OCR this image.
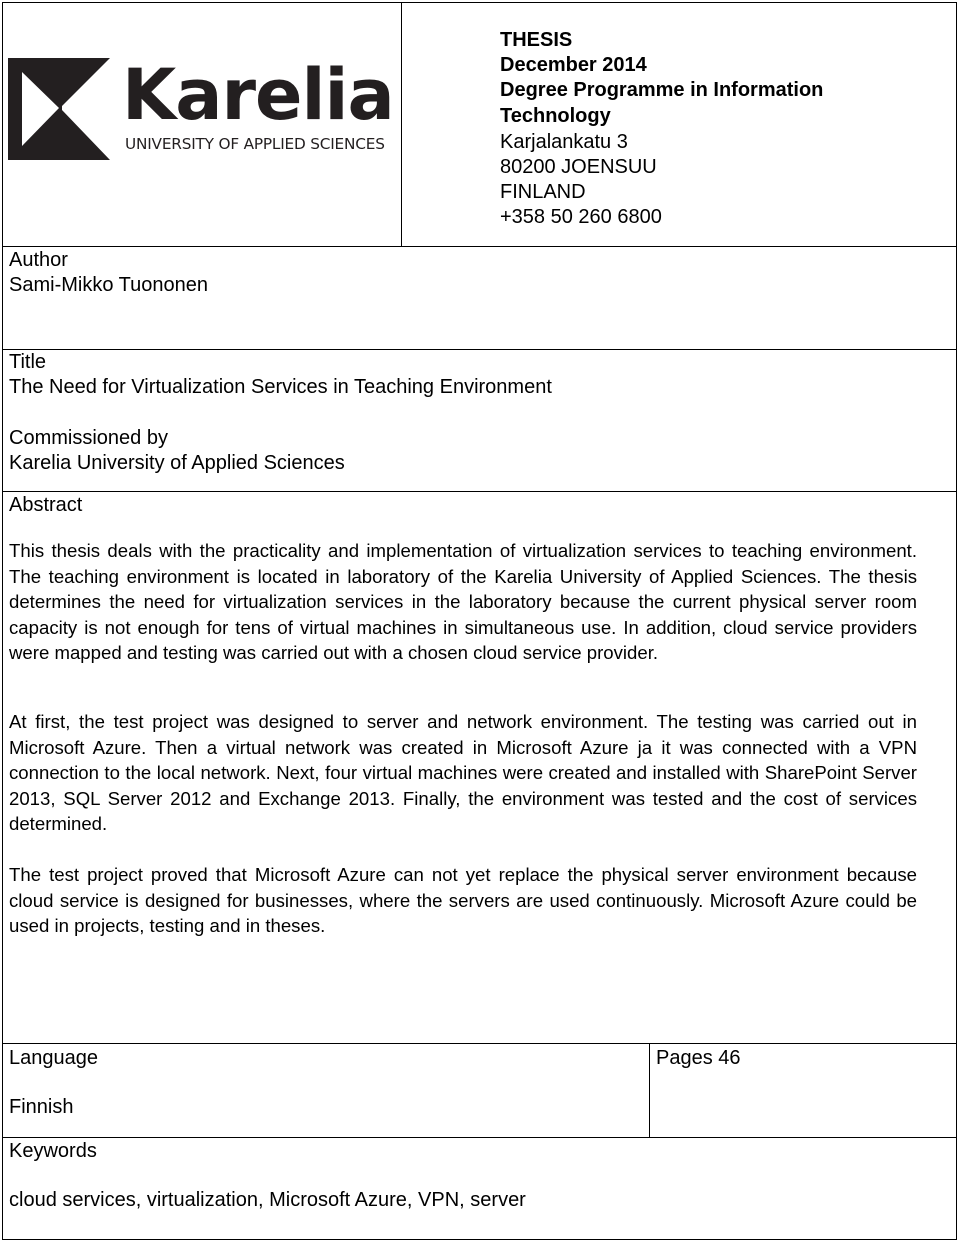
Karelia
UNIVERSITY OF APPLIED SCIENCES
THESIS
December 2014
Degree Programme in Information Technology
Karjalankatu 3
80200 JOENSUU
FINLAND
+358 50 260 6800
Author
Sami-Mikko Tuononen
Title
The Need for Virtualization Services in Teaching Environment
Commissioned by
Karelia University of Applied Sciences
Abstract

This thesis deals with the practicality and implementation of virtualization services to teaching environment. The teaching environment is located in laboratory of the Karelia University of Applied Sciences. The thesis determines the need for virtualization services in the laboratory because the current physical server room capacity is not enough for tens of virtual machines in simultaneous use. In addition, cloud service providers were mapped and testing was carried out with a chosen cloud service provider.

At first, the test project was designed to server and network environment. The testing was carried out in Microsoft Azure. Then a virtual network was created in Microsoft Azure ja it was connected with a VPN connection to the local network. Next, four virtual machines were created and installed with SharePoint Server 2013, SQL Server 2012 and Exchange 2013. Finally, the environment was tested and the cost of services determined.

The test project proved that Microsoft Azure can not yet replace the physical server environment because cloud service is designed for businesses, where the servers are used continuously. Microsoft Azure could be used in projects, testing and in theses.

Language
Finnish
Pages 46
Keywords
cloud services, virtualization, Microsoft Azure, VPN, server
